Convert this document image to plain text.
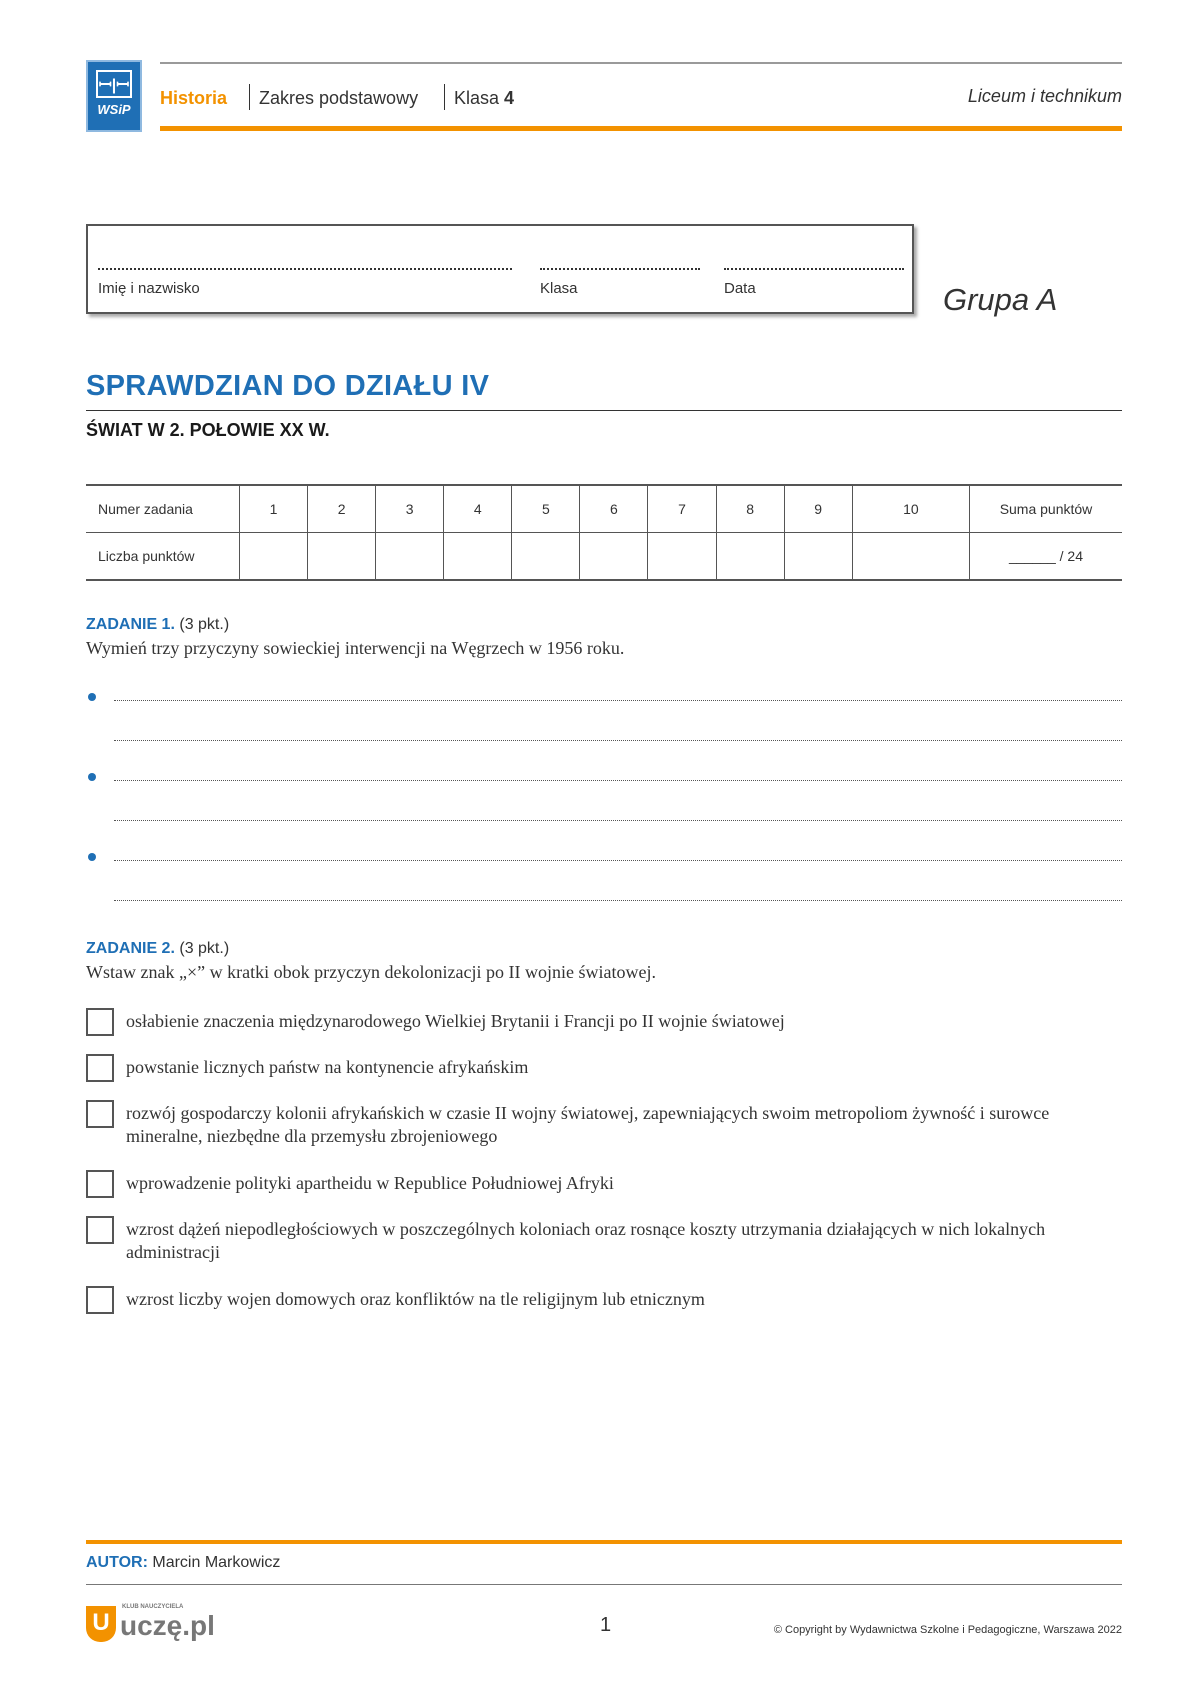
ꟷ|ꟷ
WSiP
Historia Zakres podstawowy Klasa 4	Liceum i technikum
Imię i nazwisko	Klasa	Data	Grupa A
SPRAWDZIAN DO DZIAŁU IV
ŚWIAT W 2. POŁOWIE XX W.
Numer zadania	1	2	3	4	5	6	7	8	9	10	Suma punktów
Liczba punktów											______ / 24
ZADANIE 1. (3 pkt.)
Wymień trzy przyczyny sowieckiej interwencji na Węgrzech w 1956 roku.
ZADANIE 2. (3 pkt.)
Wstaw znak „×” w kratki obok przyczyn dekolonizacji po II wojnie światowej.
osłabienie znaczenia międzynarodowego Wielkiej Brytanii i Francji po II wojnie światowej
powstanie licznych państw na kontynencie afrykańskim
rozwój gospodarczy kolonii afrykańskich w czasie II wojny światowej, zapewniających swoim metropoliom żywność i surowce mineralne, niezbędne dla przemysłu zbrojeniowego
wprowadzenie polityki apartheidu w Republice Południowej Afryki
wzrost dążeń niepodległościowych w poszczególnych koloniach oraz rosnące koszty utrzymania działających w nich lokalnych administracji
wzrost liczby wojen domowych oraz konfliktów na tle religijnym lub etnicznym
AUTOR: Marcin Markowicz
U
KLUB NAUCZYCIELA
uczę.pl	1	© Copyright by Wydawnictwa Szkolne i Pedagogiczne, Warszawa 2022
